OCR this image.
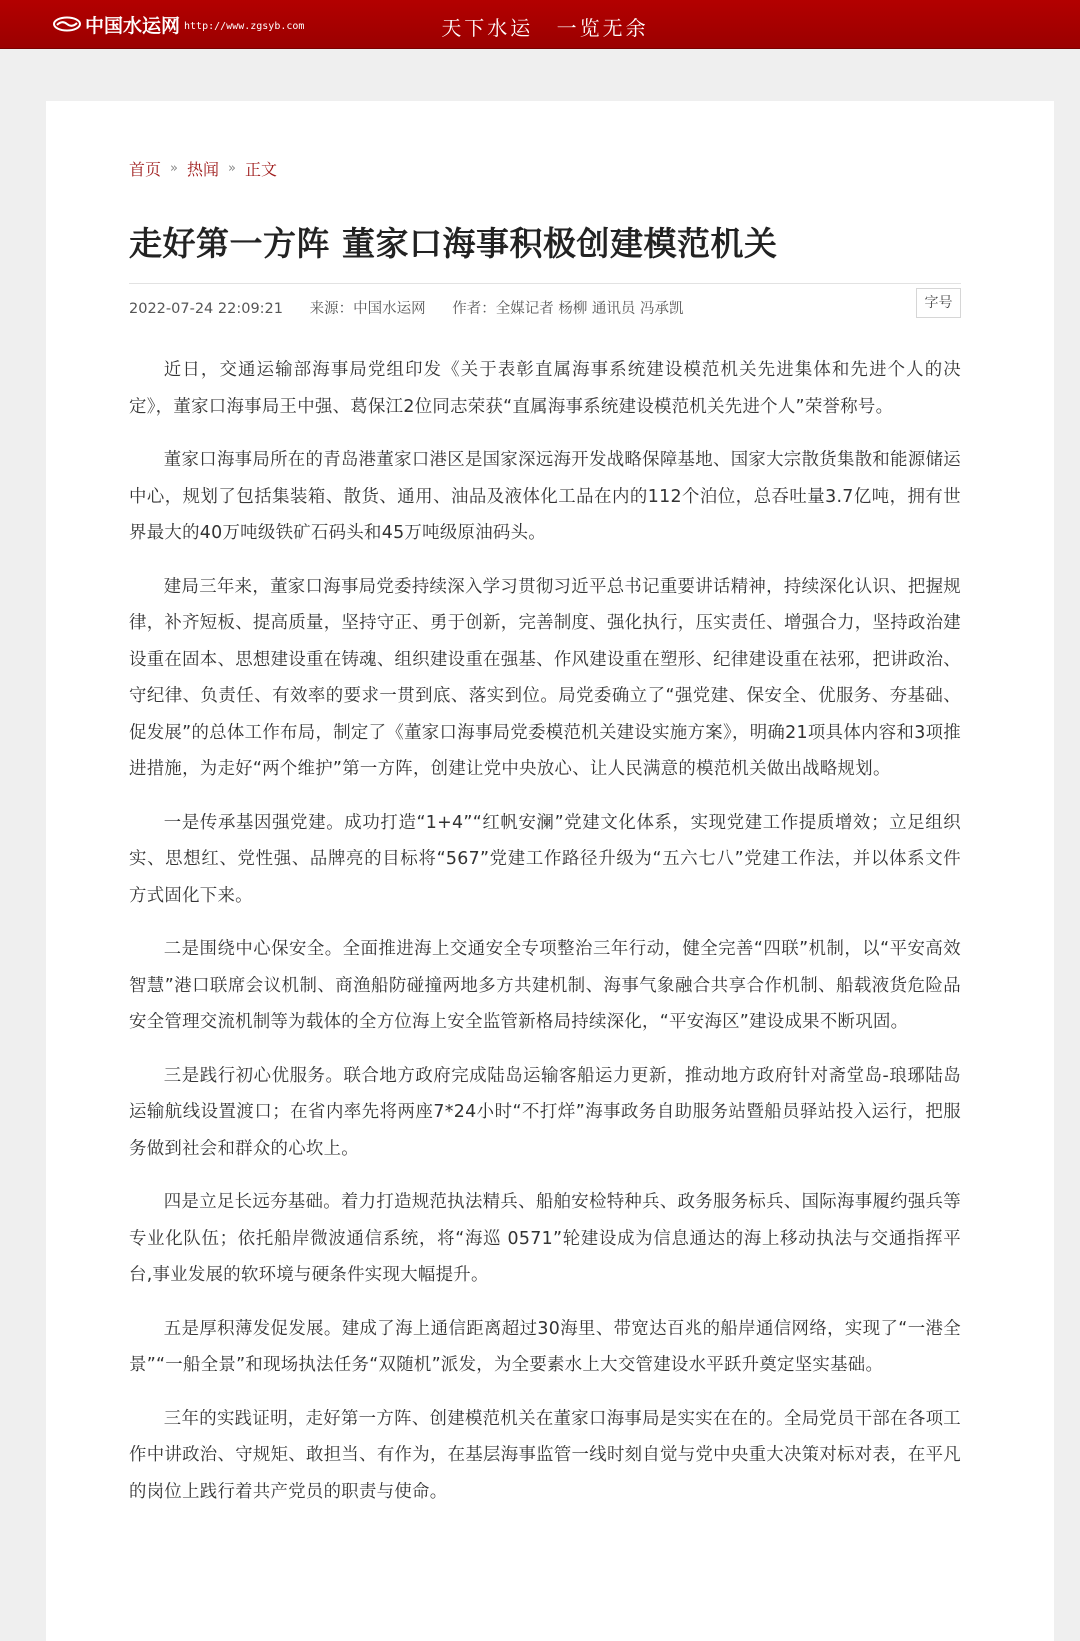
中国水运网 http://www.zgsyb.com	天下水运 一览无余
首页 » 热闻 » 正文
走好第一方阵 董家口海事积极创建模范机关
2022-07-24 22:09:21 来源：中国水运网 作者：全媒记者 杨柳 通讯员 冯承凯	字号

近日，交通运输部海事局党组印发《关于表彰直属海事系统建设模范机关先进集体和先进个人的决定》，董家口海事局王中强、葛保江2位同志荣获“直属海事系统建设模范机关先进个人”荣誉称号。

董家口海事局所在的青岛港董家口港区是国家深远海开发战略保障基地、国家大宗散货集散和能源储运中心，规划了包括集装箱、散货、通用、油品及液体化工品在内的112个泊位，总吞吐量3.7亿吨，拥有世界最大的40万吨级铁矿石码头和45万吨级原油码头。

建局三年来，董家口海事局党委持续深入学习贯彻习近平总书记重要讲话精神，持续深化认识、把握规律，补齐短板、提高质量，坚持守正、勇于创新，完善制度、强化执行，压实责任、增强合力，坚持政治建设重在固本、思想建设重在铸魂、组织建设重在强基、作风建设重在塑形、纪律建设重在祛邪，把讲政治、守纪律、负责任、有效率的要求一贯到底、落实到位。局党委确立了“强党建、保安全、优服务、夯基础、促发展”的总体工作布局，制定了《董家口海事局党委模范机关建设实施方案》，明确21项具体内容和3项推进措施，为走好“两个维护”第一方阵，创建让党中央放心、让人民满意的模范机关做出战略规划。

一是传承基因强党建。成功打造“1+4”“红帆安澜”党建文化体系，实现党建工作提质增效；立足组织实、思想红、党性强、品牌亮的目标将“567”党建工作路径升级为“五六七八”党建工作法，并以体系文件方式固化下来。

二是围绕中心保安全。全面推进海上交通安全专项整治三年行动，健全完善“四联”机制，以“平安高效智慧”港口联席会议机制、商渔船防碰撞两地多方共建机制、海事气象融合共享合作机制、船载液货危险品安全管理交流机制等为载体的全方位海上安全监管新格局持续深化，“平安海区”建设成果不断巩固。

三是践行初心优服务。联合地方政府完成陆岛运输客船运力更新，推动地方政府针对斋堂岛-琅琊陆岛运输航线设置渡口；在省内率先将两座7*24小时“不打烊”海事政务自助服务站暨船员驿站投入运行，把服务做到社会和群众的心坎上。

四是立足长远夯基础。着力打造规范执法精兵、船舶安检特种兵、政务服务标兵、国际海事履约强兵等专业化队伍；依托船岸微波通信系统，将“海巡 0571”轮建设成为信息通达的海上移动执法与交通指挥平台,事业发展的软环境与硬条件实现大幅提升。

五是厚积薄发促发展。建成了海上通信距离超过30海里、带宽达百兆的船岸通信网络，实现了“一港全景”“一船全景”和现场执法任务“双随机”派发，为全要素水上大交管建设水平跃升奠定坚实基础。

三年的实践证明，走好第一方阵、创建模范机关在董家口海事局是实实在在的。全局党员干部在各项工作中讲政治、守规矩、敢担当、有作为，在基层海事监管一线时刻自觉与党中央重大决策对标对表，在平凡的岗位上践行着共产党员的职责与使命。
